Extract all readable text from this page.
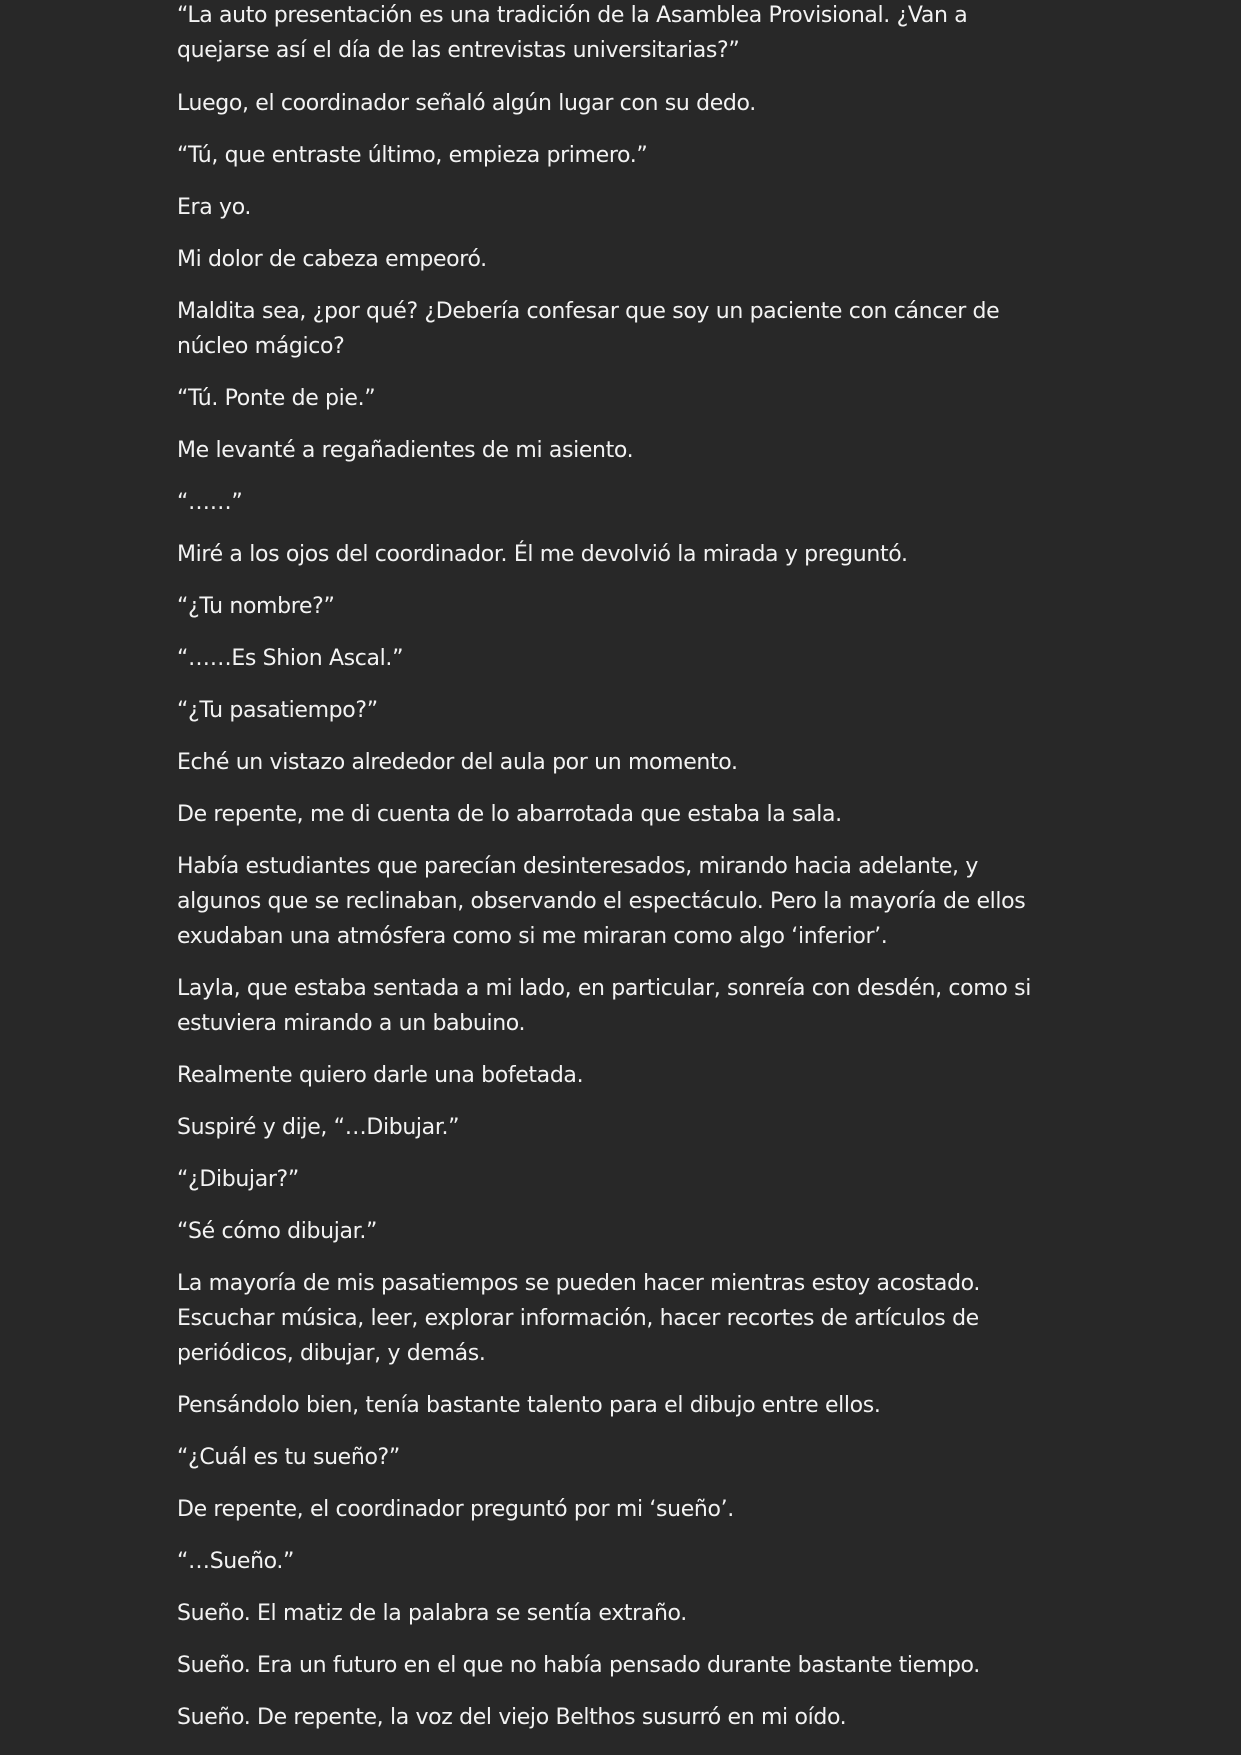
“La auto presentación es una tradición de la Asamblea Provisional. ¿Van a quejarse así el día de las entrevistas universitarias?”

Luego, el coordinador señaló algún lugar con su dedo.

“Tú, que entraste último, empieza primero.”

Era yo.

Mi dolor de cabeza empeoró.

Maldita sea, ¿por qué? ¿Debería confesar que soy un paciente con cáncer de núcleo mágico?

“Tú. Ponte de pie.”

Me levanté a regañadientes de mi asiento.

“……”

Miré a los ojos del coordinador. Él me devolvió la mirada y preguntó.

“¿Tu nombre?”

“……Es Shion Ascal.”

“¿Tu pasatiempo?”

Eché un vistazo alrededor del aula por un momento.

De repente, me di cuenta de lo abarrotada que estaba la sala.

Había estudiantes que parecían desinteresados, mirando hacia adelante, y algunos que se reclinaban, observando el espectáculo. Pero la mayoría de ellos exudaban una atmósfera como si me miraran como algo ‘inferior’.

Layla, que estaba sentada a mi lado, en particular, sonreía con desdén, como si estuviera mirando a un babuino.

Realmente quiero darle una bofetada.

Suspiré y dije, “…Dibujar.”

“¿Dibujar?”

“Sé cómo dibujar.”

La mayoría de mis pasatiempos se pueden hacer mientras estoy acostado. Escuchar música, leer, explorar información, hacer recortes de artículos de periódicos, dibujar, y demás.

Pensándolo bien, tenía bastante talento para el dibujo entre ellos.

“¿Cuál es tu sueño?”

De repente, el coordinador preguntó por mi ‘sueño’.

“…Sueño.”

Sueño. El matiz de la palabra se sentía extraño.

Sueño. Era un futuro en el que no había pensado durante bastante tiempo.

Sueño. De repente, la voz del viejo Belthos susurró en mi oído.
